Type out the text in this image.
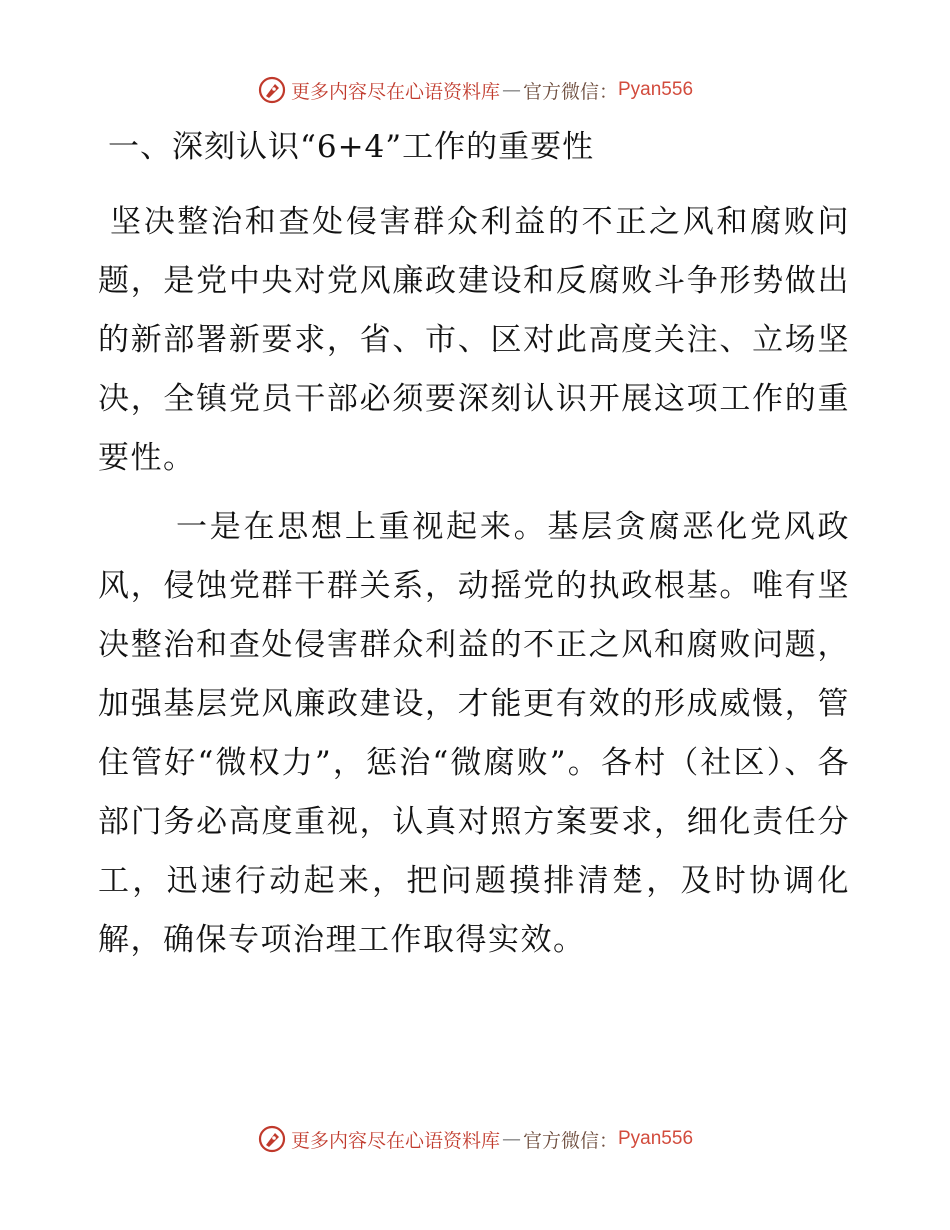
更多内容尽在心语资料库 — 官方微信： Pyan556
一、深刻认识“6+4”工作的重要性

坚决整治和查处侵害群众利益的不正之风和腐败问题，是党中央对党风廉政建设和反腐败斗争形势做出的新部署新要求，省、市、区对此高度关注、立场坚决，全镇党员干部必须要深刻认识开展这项工作的重要性。

一是在思想上重视起来。基层贪腐恶化党风政风，侵蚀党群干群关系，动摇党的执政根基。唯有坚决整治和查处侵害群众利益的不正之风和腐败问题，加强基层党风廉政建设，才能更有效的形成威慑，管住管好“微权力”，惩治“微腐败”。各村（社区）、各部门务必高度重视，认真对照方案要求，细化责任分工，迅速行动起来，把问题摸排清楚，及时协调化解，确保专项治理工作取得实效。

更多内容尽在心语资料库 — 官方微信： Pyan556
